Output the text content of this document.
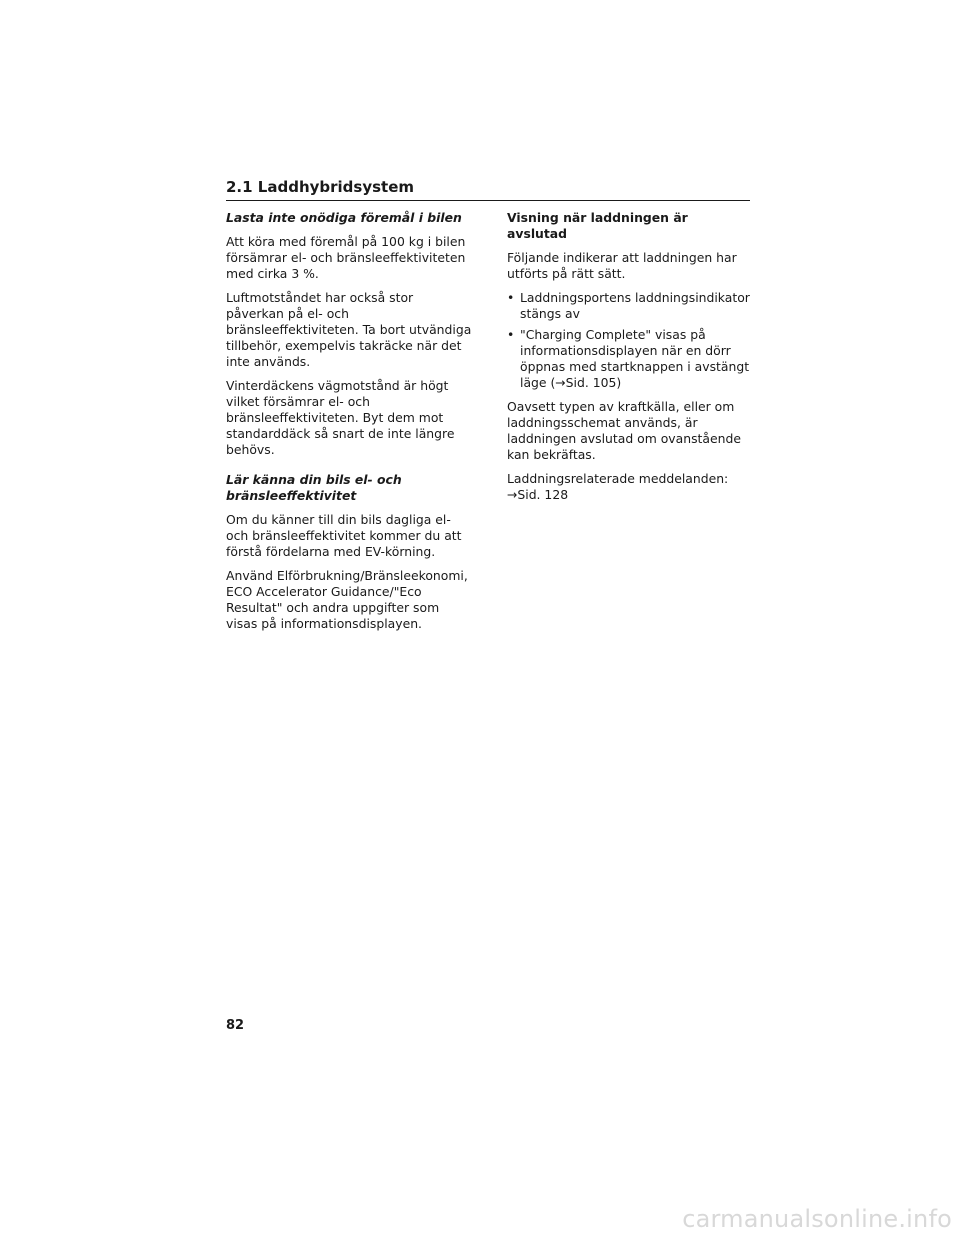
2.1 Laddhybridsystem

Lasta inte onödiga föremål i bilen

Att köra med föremål på 100 kg i bilen försämrar el- och bränsleeffektiviteten med cirka 3 %.

Luftmotståndet har också stor påverkan på el- och bränsleeffektiviteten. Ta bort utvändiga tillbehör, exempelvis takräcke när det inte används.

Vinterdäckens vägmotstånd är högt vilket försämrar el- och bränsleeffektiviteten. Byt dem mot standarddäck så snart de inte längre behövs.

Lär känna din bils el- och bränsleeffektivitet

Om du känner till din bils dagliga el- och bränsleeffektivitet kommer du att förstå fördelarna med EV-körning.

Använd Elförbrukning/Bränsleekonomi, ECO Accelerator Guidance/"Eco Resultat" och andra uppgifter som visas på informationsdisplayen.

Visning när laddningen är avslutad

Följande indikerar att laddningen har utförts på rätt sätt.

• Laddningsportens laddningsindikator stängs av
• "Charging Complete" visas på informationsdisplayen när en dörr öppnas med startknappen i avstängt läge (→Sid. 105)

Oavsett typen av kraftkälla, eller om laddningsschemat används, är laddningen avslutad om ovanstående kan bekräftas.

Laddningsrelaterade meddelanden: →Sid. 128

82
carmanualsonline.info
